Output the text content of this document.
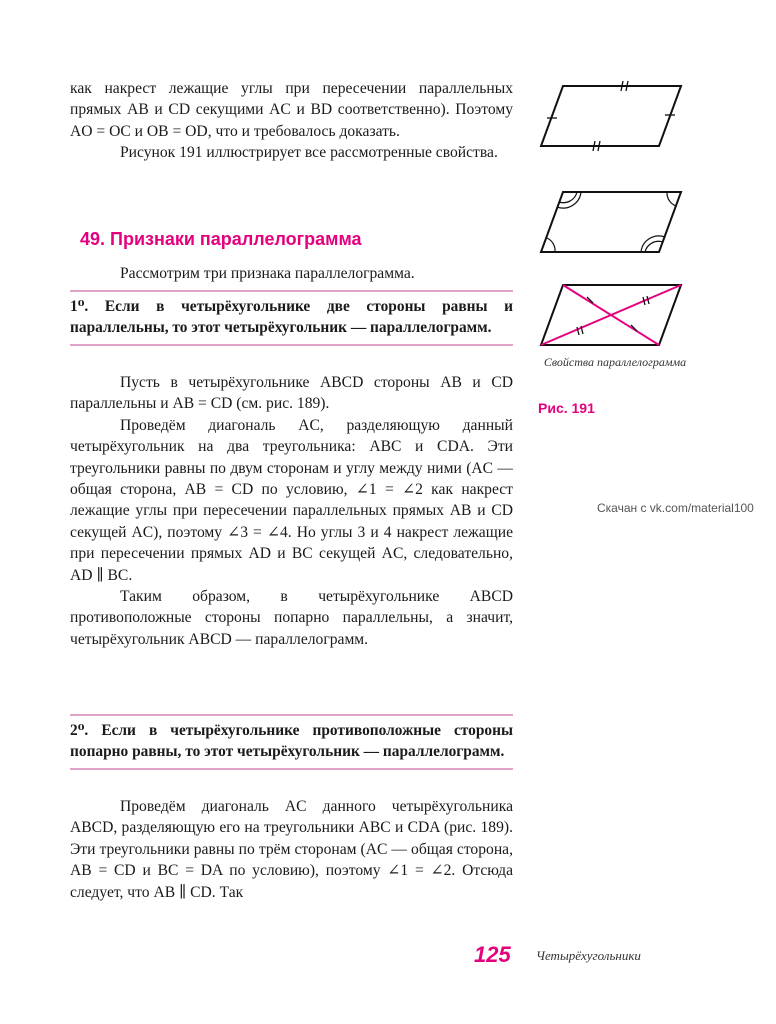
как накрест лежащие углы при пересечении параллельных прямых AB и CD секущими AC и BD соответственно). Поэтому AO = OC и OB = OD, что и требовалось доказать.

Рисунок 191 иллюстрирует все рассмотренные свойства.

49. Признаки параллелограмма

Рассмотрим три признака параллелограмма.

1⁰. Если в четырёхугольнике две стороны равны и параллельны, то этот четырёхугольник — параллелограмм.

Пусть в четырёхугольнике ABCD стороны AB и CD параллельны и AB = CD (см. рис. 189).

Проведём диагональ AC, разделяющую данный четырёхугольник на два треугольника: ABC и CDA. Эти треугольники равны по двум сторонам и углу между ними (AC — общая сторона, AB = CD по условию, ∠1 = ∠2 как накрест лежащие углы при пересечении параллельных прямых AB и CD секущей AC), поэтому ∠3 = ∠4. Но углы 3 и 4 накрест лежащие при пересечении прямых AD и BC секущей AC, следовательно, AD ∥ BC.

Таким образом, в четырёхугольнике ABCD противоположные стороны попарно параллельны, а значит, четырёхугольник ABCD — параллелограмм.

2⁰. Если в четырёхугольнике противоположные стороны попарно равны, то этот четырёхугольник — параллелограмм.

Проведём диагональ AC данного четырёхугольника ABCD, разделяющую его на треугольники ABC и CDA (рис. 189). Эти треугольники равны по трём сторонам (AC — общая сторона, AB = CD и BC = DA по условию), поэтому ∠1 = ∠2. Отсюда следует, что AB ∥ CD. Так

Свойства параллелограмма
Рис. 191
Скачан с vk.com/material100
125 Четырёхугольники
